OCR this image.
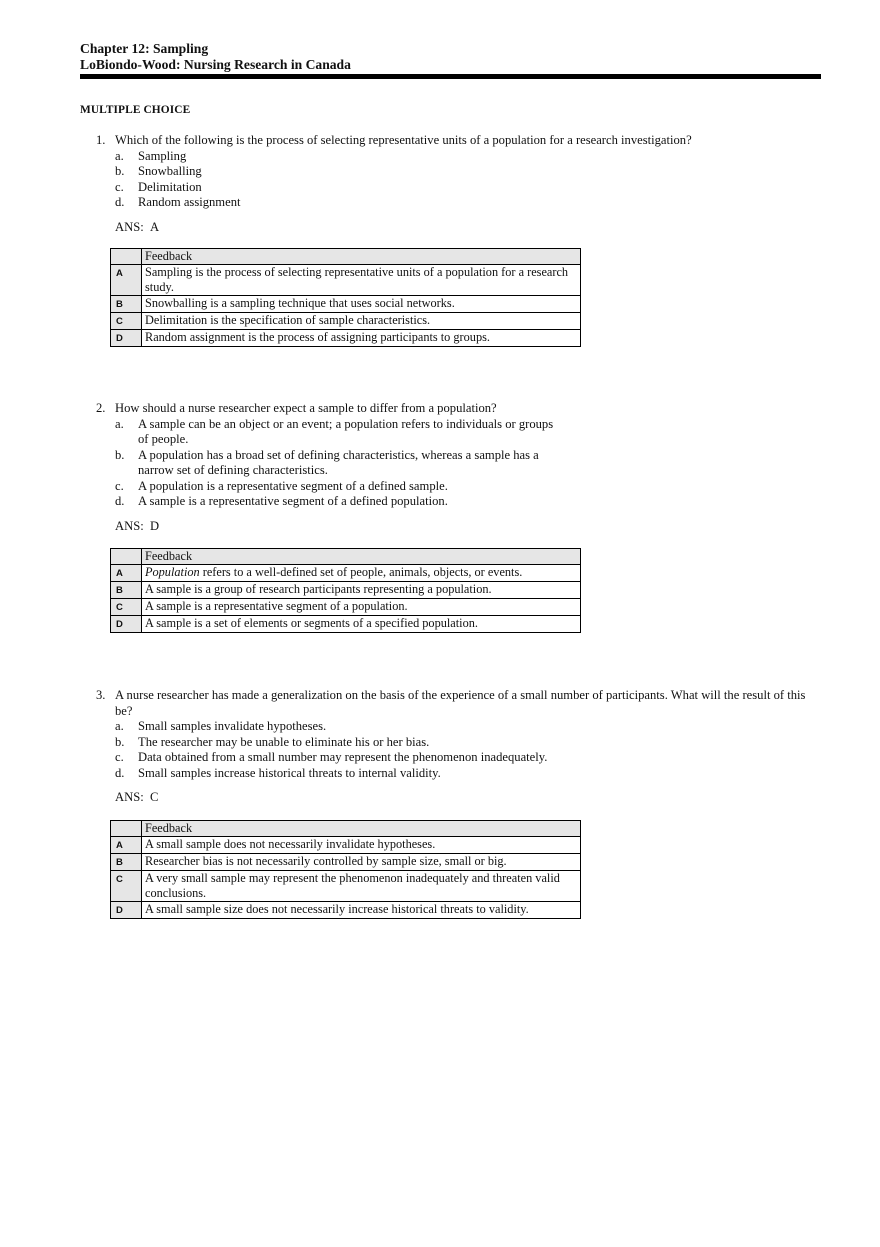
Chapter 12: Sampling
LoBiondo-Wood: Nursing Research in Canada
MULTIPLE CHOICE
1. Which of the following is the process of selecting representative units of a population for a research investigation?
a.	Sampling
b.	Snowballing
c.	Delimitation
d.	Random assignment
ANS: A
	Feedback
A	Sampling is the process of selecting representative units of a population for a research study.
B	Snowballing is a sampling technique that uses social networks.
C	Delimitation is the specification of sample characteristics.
D	Random assignment is the process of assigning participants to groups.
2. How should a nurse researcher expect a sample to differ from a population?
a.	A sample can be an object or an event; a population refers to individuals or groups of people.
b.	A population has a broad set of defining characteristics, whereas a sample has a narrow set of defining characteristics.
c.	A population is a representative segment of a defined sample.
d.	A sample is a representative segment of a defined population.
ANS: D
	Feedback
A	Population refers to a well-defined set of people, animals, objects, or events.
B	A sample is a group of research participants representing a population.
C	A sample is a representative segment of a population.
D	A sample is a set of elements or segments of a specified population.
3. A nurse researcher has made a generalization on the basis of the experience of a small number of participants. What will the result of this be?
a.	Small samples invalidate hypotheses.
b.	The researcher may be unable to eliminate his or her bias.
c.	Data obtained from a small number may represent the phenomenon inadequately.
d.	Small samples increase historical threats to internal validity.
ANS: C
	Feedback
A	A small sample does not necessarily invalidate hypotheses.
B	Researcher bias is not necessarily controlled by sample size, small or big.
C	A very small sample may represent the phenomenon inadequately and threaten valid conclusions.
D	A small sample size does not necessarily increase historical threats to validity.
